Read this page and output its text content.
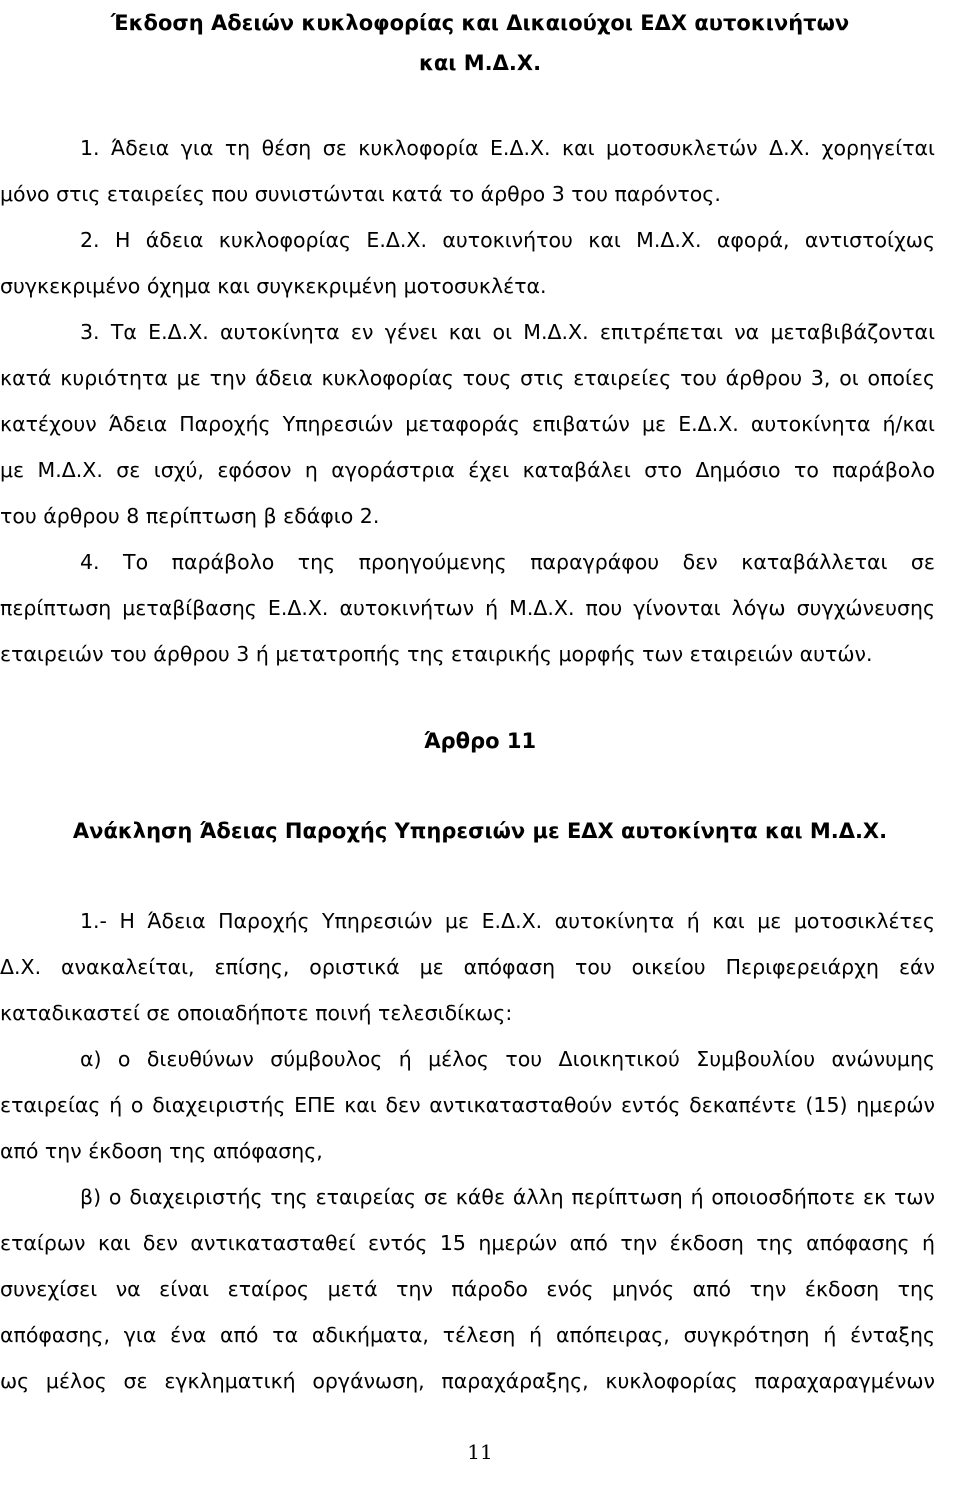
Έκδοση Αδειών κυκλοφορίας και Δικαιούχοι ΕΔΧ αυτοκινήτων
και Μ.Δ.Χ.
1. Άδεια για τη θέση σε κυκλοφορία Ε.Δ.Χ. και μοτοσυκλετών Δ.Χ. χορηγείται
μόνο στις εταιρείες που συνιστώνται κατά το άρθρο 3 του παρόντος.
2. Η άδεια κυκλοφορίας Ε.Δ.Χ. αυτοκινήτου και Μ.Δ.Χ. αφορά, αντιστοίχως
συγκεκριμένο όχημα και συγκεκριμένη μοτοσυκλέτα.
3. Τα Ε.Δ.Χ. αυτοκίνητα εν γένει και οι Μ.Δ.Χ. επιτρέπεται να μεταβιβάζονται
κατά κυριότητα με την άδεια κυκλοφορίας τους στις εταιρείες του άρθρου 3, οι οποίες
κατέχουν Άδεια Παροχής Υπηρεσιών μεταφοράς επιβατών με Ε.Δ.Χ. αυτοκίνητα ή/και
με Μ.Δ.Χ. σε ισχύ, εφόσον η αγοράστρια έχει καταβάλει στο Δημόσιο το παράβολο
του άρθρου 8 περίπτωση β εδάφιο 2.
4. Το παράβολο της προηγούμενης παραγράφου δεν καταβάλλεται σε
περίπτωση μεταβίβασης Ε.Δ.Χ. αυτοκινήτων ή Μ.Δ.Χ. που γίνονται λόγω συγχώνευσης
εταιρειών του άρθρου 3 ή μετατροπής της εταιρικής μορφής των εταιρειών αυτών.
Άρθρο 11
Ανάκληση Άδειας Παροχής Υπηρεσιών με ΕΔΧ αυτοκίνητα και Μ.Δ.Χ.
1.- Η Άδεια Παροχής Υπηρεσιών με Ε.Δ.Χ. αυτοκίνητα ή και με μοτοσικλέτες
Δ.Χ. ανακαλείται, επίσης, οριστικά με απόφαση του οικείου Περιφερειάρχη εάν
καταδικαστεί σε οποιαδήποτε ποινή τελεσιδίκως:
α) ο διευθύνων σύμβουλος ή μέλος του Διοικητικού Συμβουλίου ανώνυμης
εταιρείας ή ο διαχειριστής ΕΠΕ και δεν αντικατασταθούν εντός δεκαπέντε (15) ημερών
από την έκδοση της απόφασης,
β) ο διαχειριστής της εταιρείας σε κάθε άλλη περίπτωση ή οποιοσδήποτε εκ των
εταίρων και δεν αντικατασταθεί εντός 15 ημερών από την έκδοση της απόφασης ή
συνεχίσει να είναι εταίρος μετά την πάροδο ενός μηνός από την έκδοση της
απόφασης, για ένα από τα αδικήματα, τέλεση ή απόπειρας, συγκρότηση ή ένταξης
ως μέλος σε εγκληματική οργάνωση, παραχάραξης, κυκλοφορίας παραχαραγμένων
11
